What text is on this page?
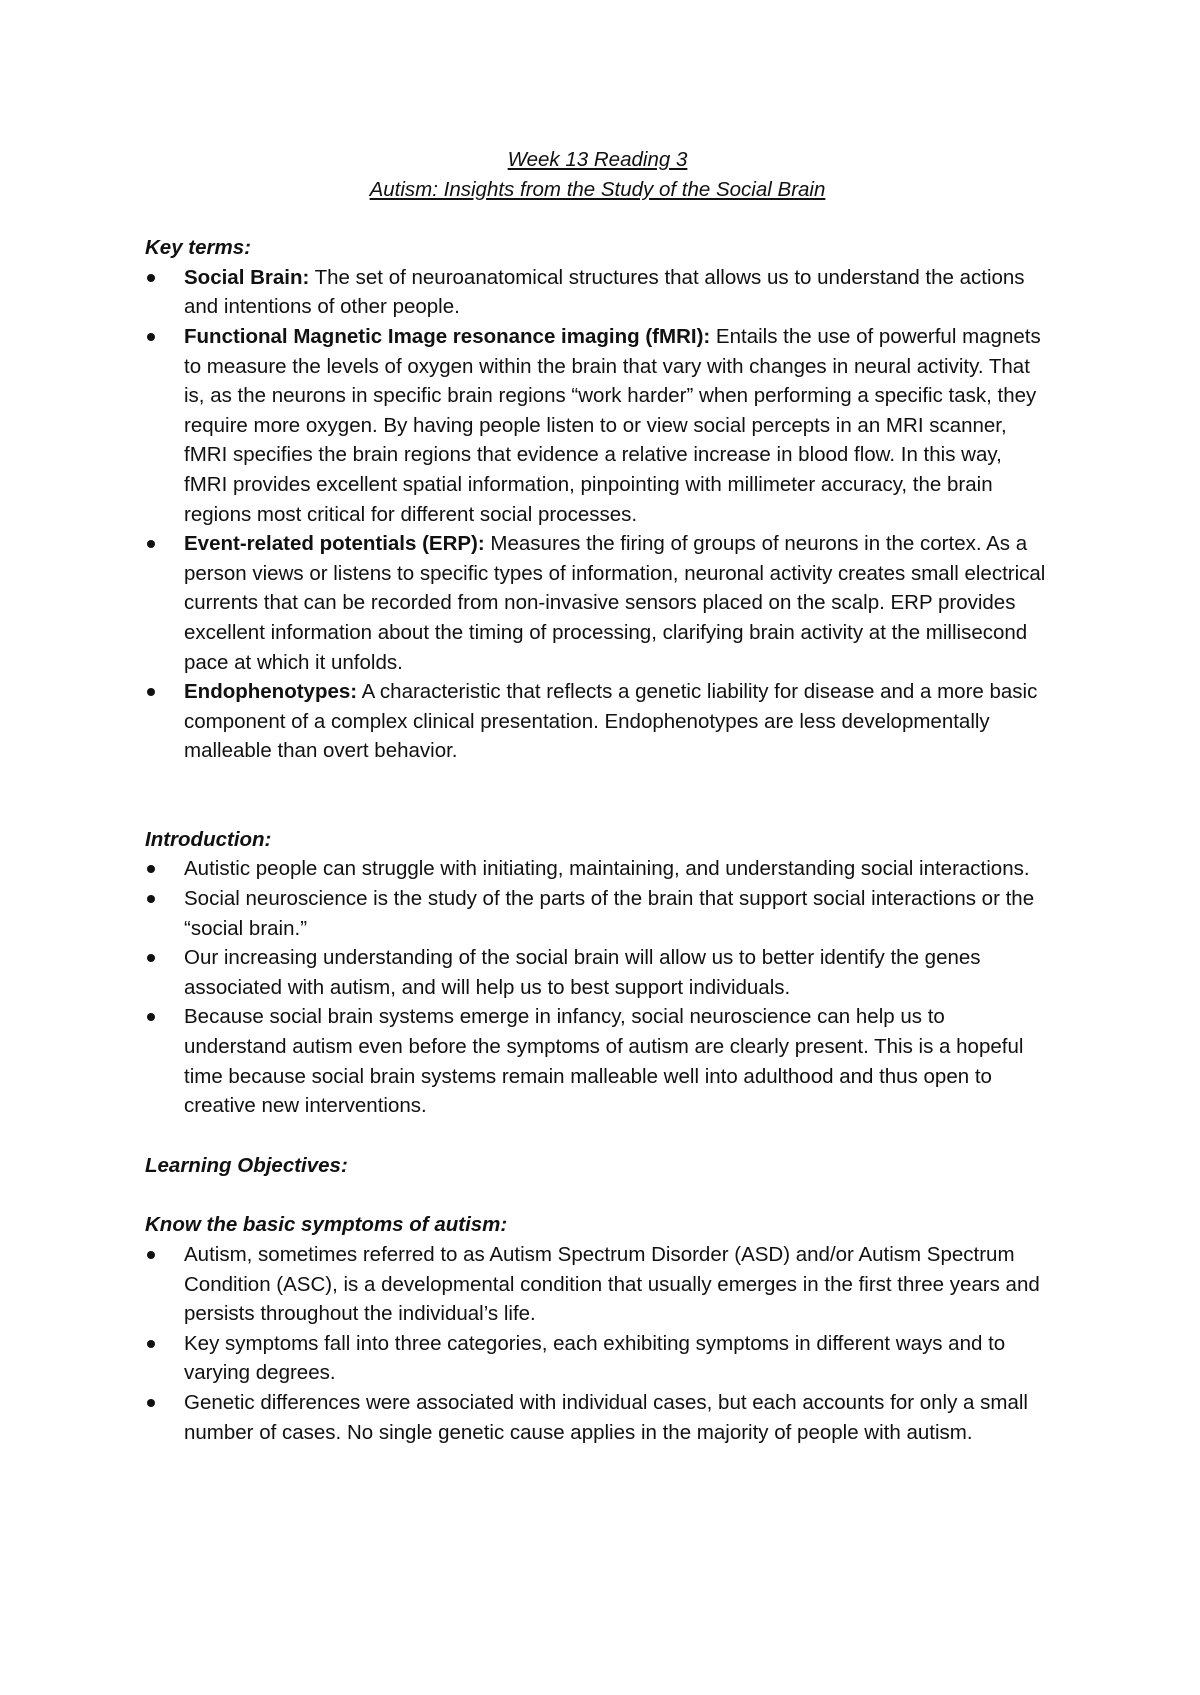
Week 13 Reading 3

Autism: Insights from the Study of the Social Brain

Key terms:

Social Brain: The set of neuroanatomical structures that allows us to understand the actions and intentions of other people.
Functional Magnetic Image resonance imaging (fMRI): Entails the use of powerful magnets to measure the levels of oxygen within the brain that vary with changes in neural activity. That is, as the neurons in specific brain regions “work harder” when performing a specific task, they require more oxygen. By having people listen to or view social percepts in an MRI scanner, fMRI specifies the brain regions that evidence a relative increase in blood flow. In this way, fMRI provides excellent spatial information, pinpointing with millimeter accuracy, the brain regions most critical for different social processes.
Event-related potentials (ERP): Measures the firing of groups of neurons in the cortex. As a person views or listens to specific types of information, neuronal activity creates small electrical currents that can be recorded from non-invasive sensors placed on the scalp. ERP provides excellent information about the timing of processing, clarifying brain activity at the millisecond pace at which it unfolds.
Endophenotypes: A characteristic that reflects a genetic liability for disease and a more basic component of a complex clinical presentation. Endophenotypes are less developmentally malleable than overt behavior.

Introduction:

Autistic people can struggle with initiating, maintaining, and understanding social interactions.
Social neuroscience is the study of the parts of the brain that support social interactions or the “social brain.”
Our increasing understanding of the social brain will allow us to better identify the genes associated with autism, and will help us to best support individuals.
Because social brain systems emerge in infancy, social neuroscience can help us to understand autism even before the symptoms of autism are clearly present. This is a hopeful time because social brain systems remain malleable well into adulthood and thus open to creative new interventions.

Learning Objectives:

Know the basic symptoms of autism:

Autism, sometimes referred to as Autism Spectrum Disorder (ASD) and/or Autism Spectrum Condition (ASC), is a developmental condition that usually emerges in the first three years and persists throughout the individual’s life.
Key symptoms fall into three categories, each exhibiting symptoms in different ways and to varying degrees.
Genetic differences were associated with individual cases, but each accounts for only a small number of cases. No single genetic cause applies in the majority of people with autism.
